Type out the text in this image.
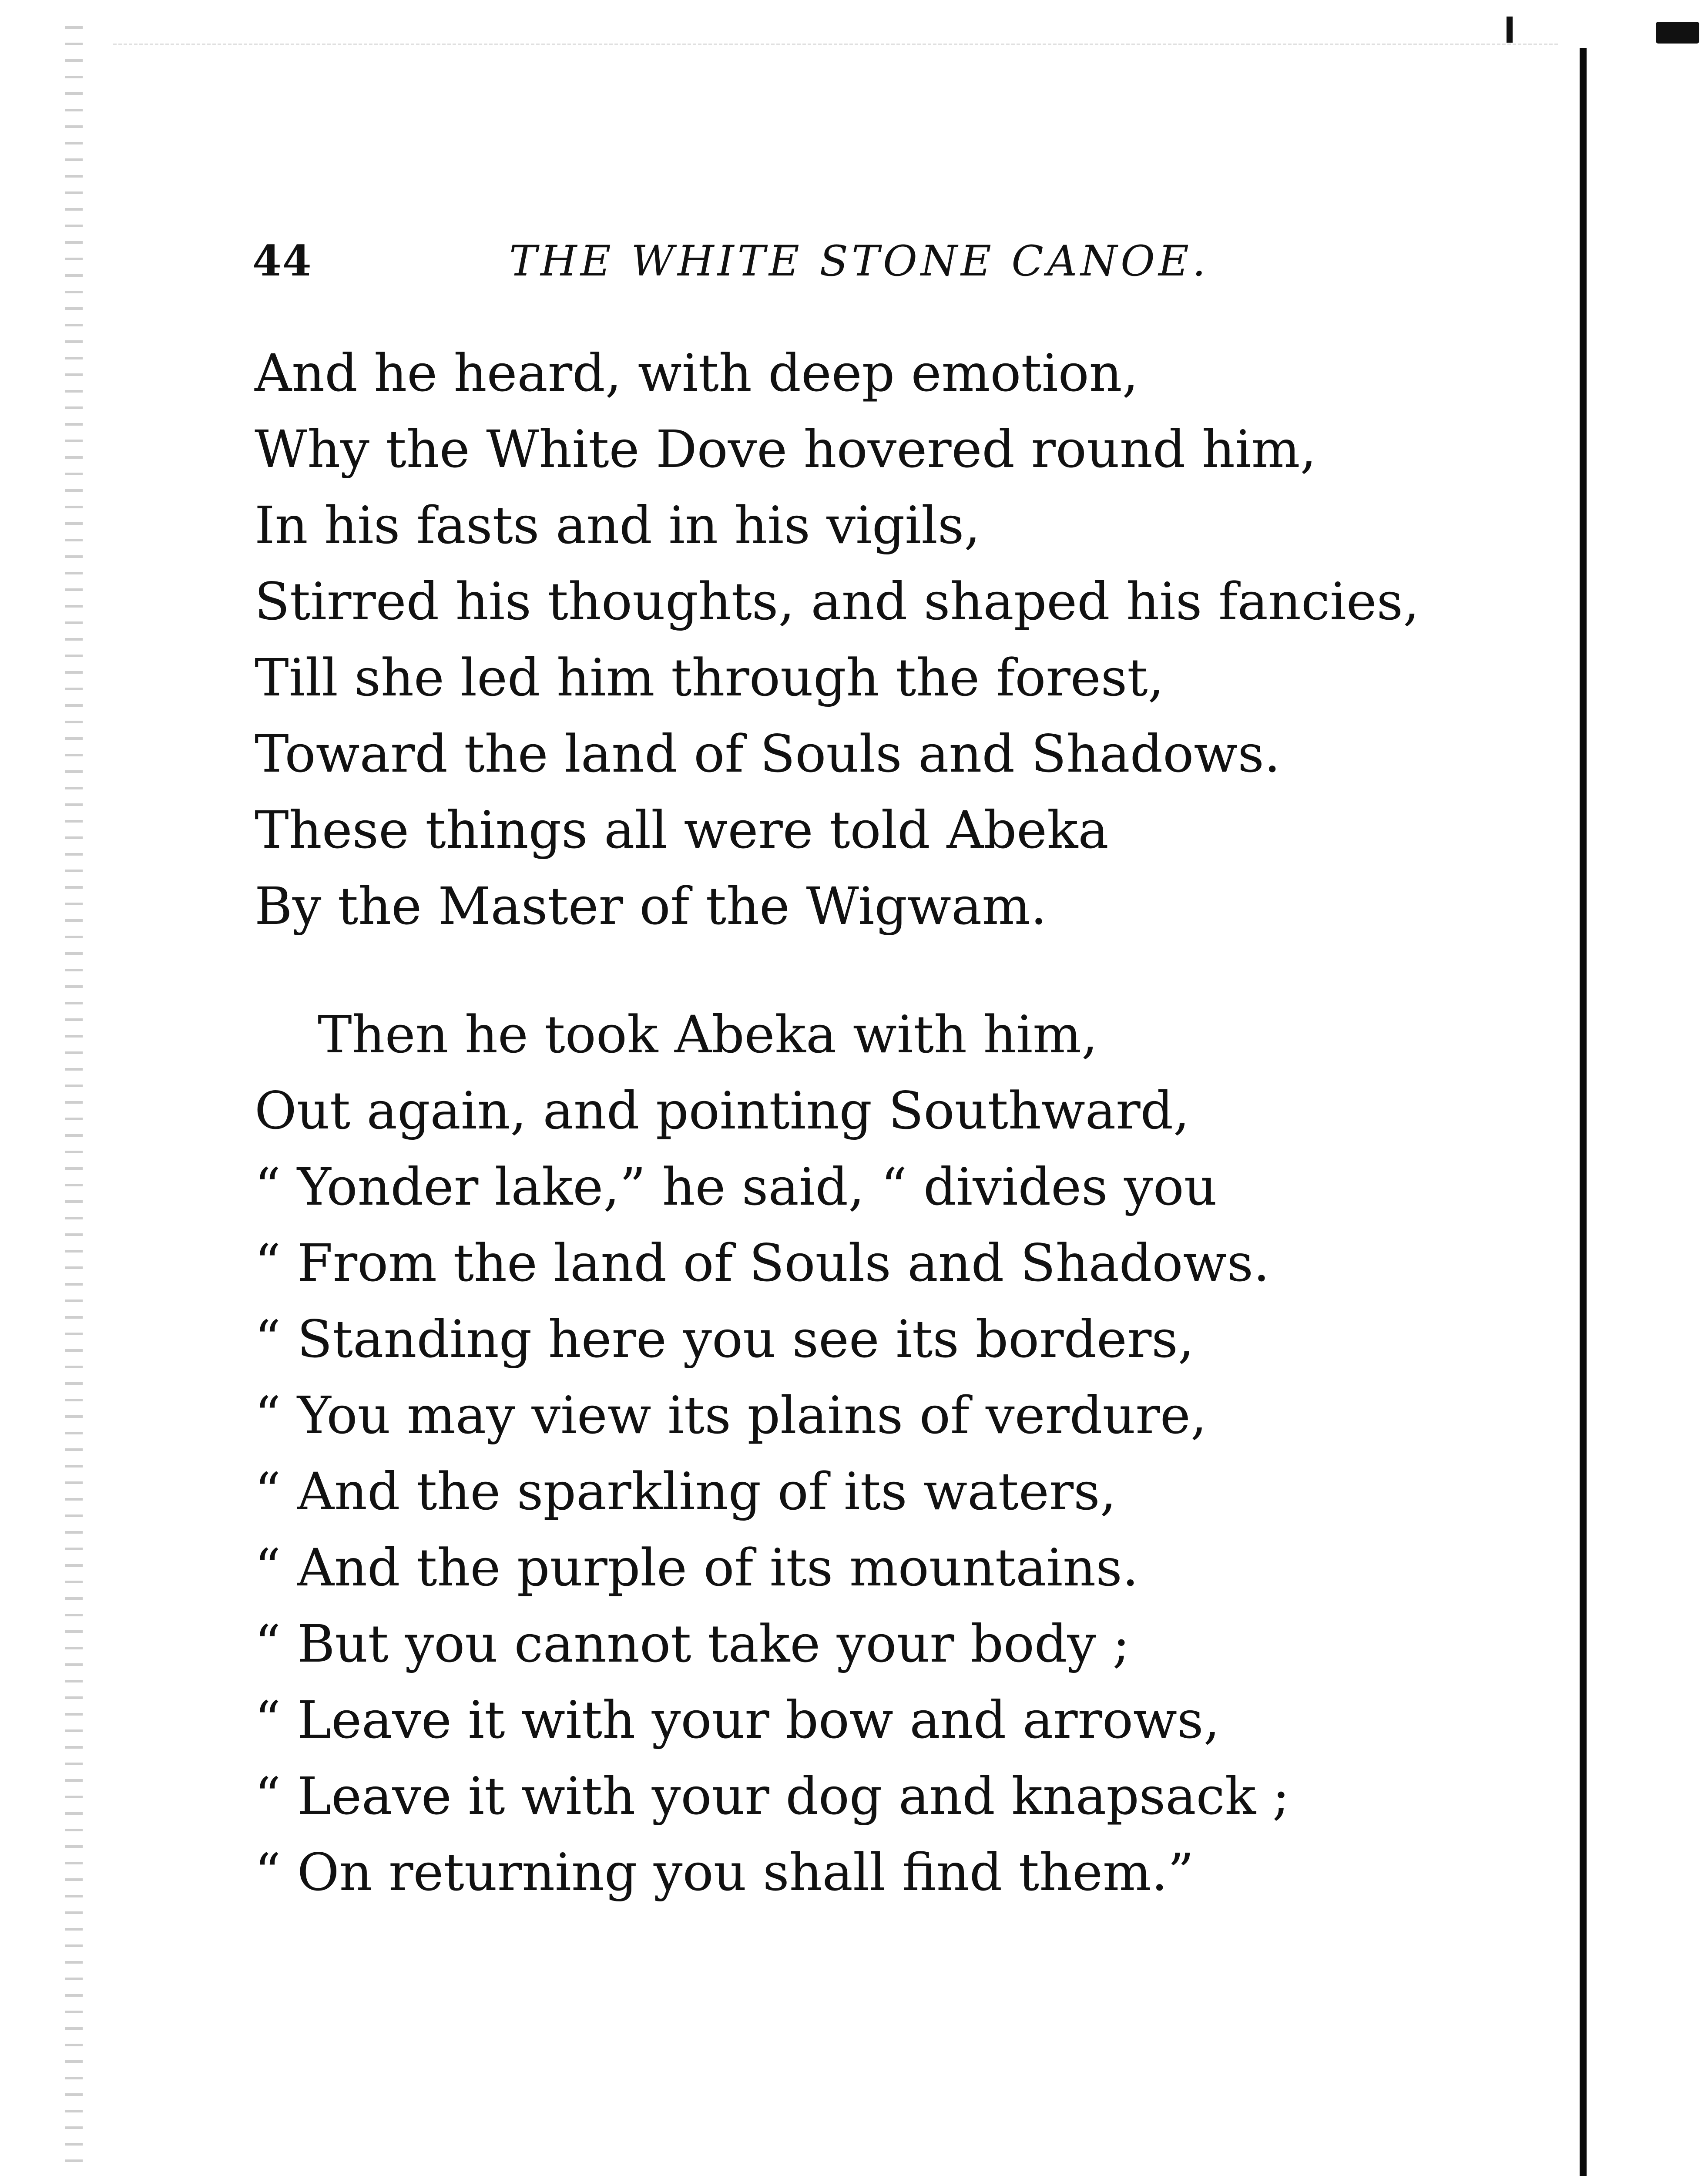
44	THE WHITE STONE CANOE.
And he heard, with deep emotion,
Why the White Dove hovered round him,
In his fasts and in his vigils,
Stirred his thoughts, and shaped his fancies,
Till she led him through the forest,
Toward the land of Souls and Shadows.
These things all were told Abeka
By the Master of the Wigwam.
Then he took Abeka with him,
Out again, and pointing Southward,
“ Yonder lake,” he said, “ divides you
“ From the land of Souls and Shadows.
“ Standing here you see its borders,
“ You may view its plains of verdure,
“ And the sparkling of its waters,
“ And the purple of its mountains.
“ But you cannot take your body ;
“ Leave it with your bow and arrows,
“ Leave it with your dog and knapsack ;
“ On returning you shall find them.”
